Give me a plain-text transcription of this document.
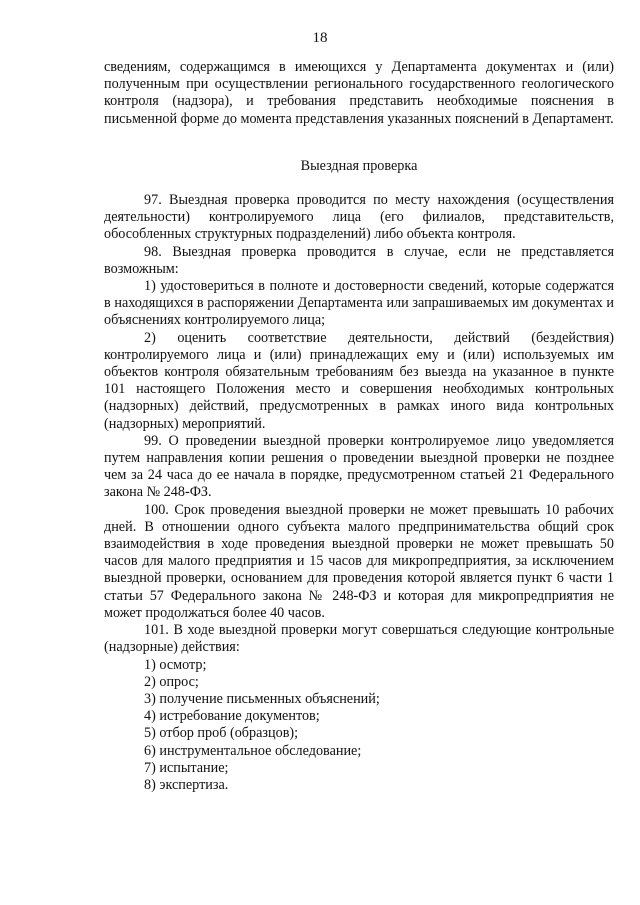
18

сведениям, содержащимся в имеющихся у Департамента документах и (или) полученным при осуществлении регионального государственного геологического контроля (надзора), и требования представить необходимые пояснения в письменной форме до момента представления указанных пояснений в Департамент.

Выездная проверка

97. Выездная проверка проводится по месту нахождения (осуществления деятельности) контролируемого лица (его филиалов, представительств, обособленных структурных подразделений) либо объекта контроля.

98. Выездная проверка проводится в случае, если не представляется возможным:

1) удостовериться в полноте и достоверности сведений, которые содержатся в находящихся в распоряжении Департамента или запрашиваемых им документах и объяснениях контролируемого лица;

2) оценить соответствие деятельности, действий (бездействия) контролируемого лица и (или) принадлежащих ему и (или) используемых им объектов контроля обязательным требованиям без выезда на указанное в пункте 101 настоящего Положения место и совершения необходимых контрольных (надзорных) действий, предусмотренных в рамках иного вида контрольных (надзорных) мероприятий.

99. О проведении выездной проверки контролируемое лицо уведомляется путем направления копии решения о проведении выездной проверки не позднее чем за 24 часа до ее начала в порядке, предусмотренном статьей 21 Федерального закона № 248-ФЗ.

100. Срок проведения выездной проверки не может превышать 10 рабочих дней. В отношении одного субъекта малого предпринимательства общий срок взаимодействия в ходе проведения выездной проверки не может превышать 50 часов для малого предприятия и 15 часов для микропредприятия, за исключением выездной проверки, основанием для проведения которой является пункт 6 части 1 статьи 57 Федерального закона № 248-ФЗ и которая для микропредприятия не может продолжаться более 40 часов.

101. В ходе выездной проверки могут совершаться следующие контрольные (надзорные) действия:

1) осмотр;

2) опрос;

3) получение письменных объяснений;

4) истребование документов;

5) отбор проб (образцов);

6) инструментальное обследование;

7) испытание;

8) экспертиза.
